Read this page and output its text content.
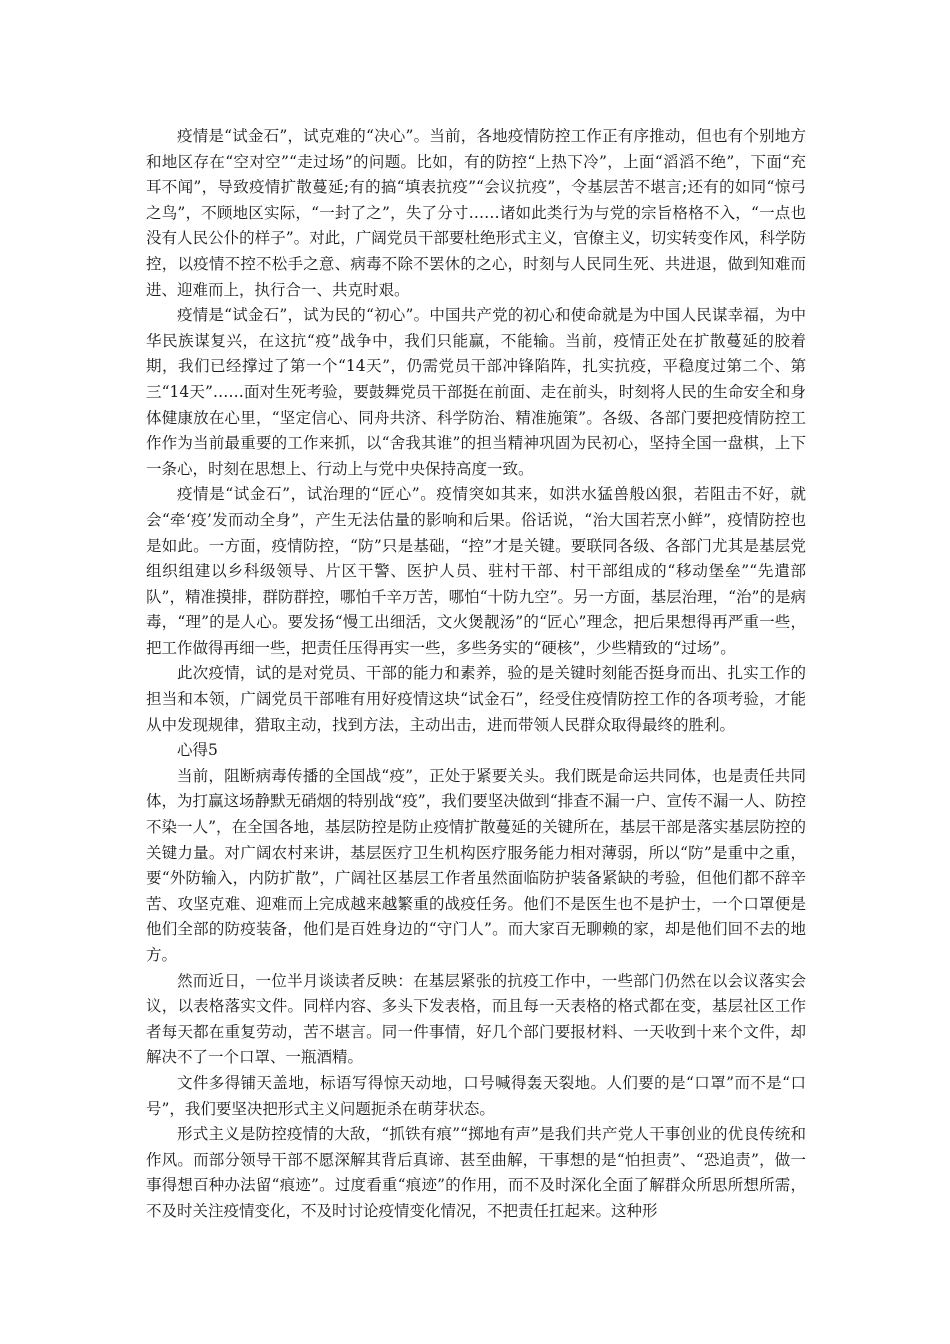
疫情是“试金石”，试克难的“决心”。当前，各地疫情防控工作正有序推动，但也有个别地方和地区存在“空对空”“走过场”的问题。比如，有的防控“上热下冷”，上面“滔滔不绝”，下面“充耳不闻”，导致疫情扩散蔓延;有的搞“填表抗疫”“会议抗疫”，令基层苦不堪言;还有的如同“惊弓之鸟”，不顾地区实际，“一封了之”，失了分寸……诸如此类行为与党的宗旨格格不入，“一点也没有人民公仆的样子”。对此，广阔党员干部要杜绝形式主义，官僚主义，切实转变作风，科学防控，以疫情不控不松手之意、病毒不除不罢休的之心，时刻与人民同生死、共进退，做到知难而进、迎难而上，执行合一、共克时艰。

疫情是“试金石”，试为民的“初心”。中国共产党的初心和使命就是为中国人民谋幸福，为中华民族谋复兴，在这抗“疫”战争中，我们只能赢，不能输。当前，疫情正处在扩散蔓延的胶着期，我们已经撑过了第一个“14天”，仍需党员干部冲锋陷阵，扎实抗疫，平稳度过第二个、第三“14天”……面对生死考验，要鼓舞党员干部挺在前面、走在前头，时刻将人民的生命安全和身体健康放在心里，“坚定信心、同舟共济、科学防治、精准施策”。各级、各部门要把疫情防控工作作为当前最重要的工作来抓，以“舍我其谁”的担当精神巩固为民初心，坚持全国一盘棋，上下一条心，时刻在思想上、行动上与党中央保持高度一致。

疫情是“试金石”，试治理的“匠心”。疫情突如其来，如洪水猛兽般凶狠，若阻击不好，就会“牵‘疫’发而动全身”，产生无法估量的影响和后果。俗话说，“治大国若烹小鲜”，疫情防控也是如此。一方面，疫情防控，“防”只是基础，“控”才是关键。要联同各级、各部门尤其是基层党组织组建以乡科级领导、片区干警、医护人员、驻村干部、村干部组成的“移动堡垒”“先遣部队”，精准摸排，群防群控，哪怕千辛万苦，哪怕“十防九空”。另一方面，基层治理，“治”的是病毒，“理”的是人心。要发扬“慢工出细活，文火煲靓汤”的“匠心”理念，把后果想得再严重一些，把工作做得再细一些，把责任压得再实一些，多些务实的“硬核”，少些精致的“过场”。

此次疫情，试的是对党员、干部的能力和素养，验的是关键时刻能否挺身而出、扎实工作的担当和本领，广阔党员干部唯有用好疫情这块“试金石”，经受住疫情防控工作的各项考验，才能从中发现规律，猎取主动，找到方法，主动出击，进而带领人民群众取得最终的胜利。

心得5

当前，阻断病毒传播的全国战“疫”，正处于紧要关头。我们既是命运共同体，也是责任共同体，为打赢这场静默无硝烟的特别战“疫”，我们要坚决做到“排查不漏一户、宣传不漏一人、防控不染一人”，在全国各地，基层防控是防止疫情扩散蔓延的关键所在，基层干部是落实基层防控的关键力量。对广阔农村来讲，基层医疗卫生机构医疗服务能力相对薄弱，所以“防”是重中之重，要“外防输入，内防扩散”，广阔社区基层工作者虽然面临防护装备紧缺的考验，但他们都不辞辛苦、攻坚克难、迎难而上完成越来越繁重的战疫任务。他们不是医生也不是护士，一个口罩便是他们全部的防疫装备，他们是百姓身边的“守门人”。而大家百无聊赖的家，却是他们回不去的地方。

然而近日，一位半月谈读者反映：在基层紧张的抗疫工作中，一些部门仍然在以会议落实会议，以表格落实文件。同样内容、多头下发表格，而且每一天表格的格式都在变，基层社区工作者每天都在重复劳动，苦不堪言。同一件事情，好几个部门要报材料、一天收到十来个文件，却解决不了一个口罩、一瓶酒精。

文件多得铺天盖地，标语写得惊天动地，口号喊得轰天裂地。人们要的是“口罩”而不是“口号”，我们要坚决把形式主义问题扼杀在萌芽状态。

形式主义是防控疫情的大敌，“抓铁有痕”“掷地有声”是我们共产党人干事创业的优良传统和作风。而部分领导干部不愿深解其背后真谛、甚至曲解，干事想的是“怕担责”、“恐追责”，做一事得想百种办法留“痕迹”。过度看重“痕迹”的作用，而不及时深化全面了解群众所思所想所需，不及时关注疫情变化，不及时讨论疫情变化情况，不把责任扛起来。这种形
